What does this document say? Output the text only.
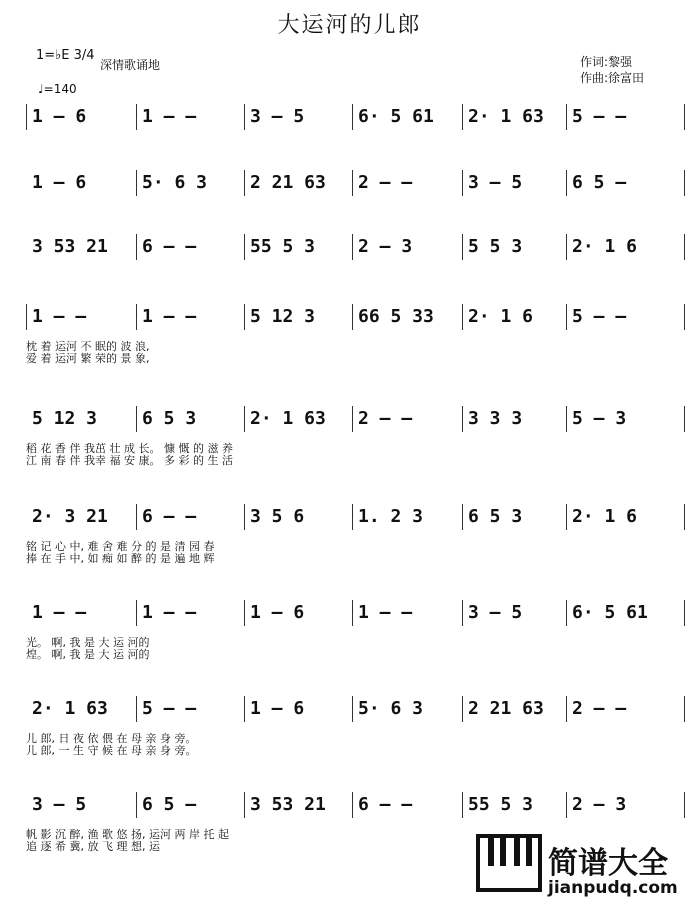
大运河的儿郎
1=♭E 3/4
♩=140
深情歌诵地	作词:黎强
作曲:徐富田
1 – 6	1 – –	3 – 5	6· 5 61	2· 1 63	5 – –
1 – 6	5· 6 3	2 21 63	2 – –	3 – 5	6 5 –
3 53 21	6 – –	55 5 3	2 – 3	5 5 3	2· 1 6
1 – –	1 – –	5 12 3	66 5 33	2· 1 6	5 – –
枕 着 运河 不 眠的 波 浪,
爱 着 运河 繁 荣的 景 象,
5 12 3	6 5 3	2· 1 63	2 – –	3 3 3	5 – 3
稻 花 香 伴 我茁 壮 成 长。 慷 慨 的 滋 养
江 南 春 伴 我幸 福 安 康。 多 彩 的 生 活
2· 3 21	6 – –	3 5 6	1. 2 3	6 5 3	2· 1 6
铭 记 心 中, 难 舍 难 分 的 是 清 园 春
捧 在 手 中, 如 痴 如 醉 的 是 遍 地 辉
1 – –	1 – –	1 – 6	1 – –	3 – 5	6· 5 61
光。 啊, 我 是 大 运 河的
煌。 啊, 我 是 大 运 河的
2· 1 63	5 – –	1 – 6	5· 6 3	2 21 63	2 – –
儿 郎, 日 夜 依 偎 在 母 亲 身 旁。
儿 郎, 一 生 守 候 在 母 亲 身 旁。
3 – 5	6 5 –	3 53 21	6 – –	55 5 3	2 – 3
帆 影 沉 醉, 渔 歌 悠 扬, 运河 两 岸 托 起
追 逐 希 冀, 放 飞 理 想, 运	简谱大全
jianpudq.com
